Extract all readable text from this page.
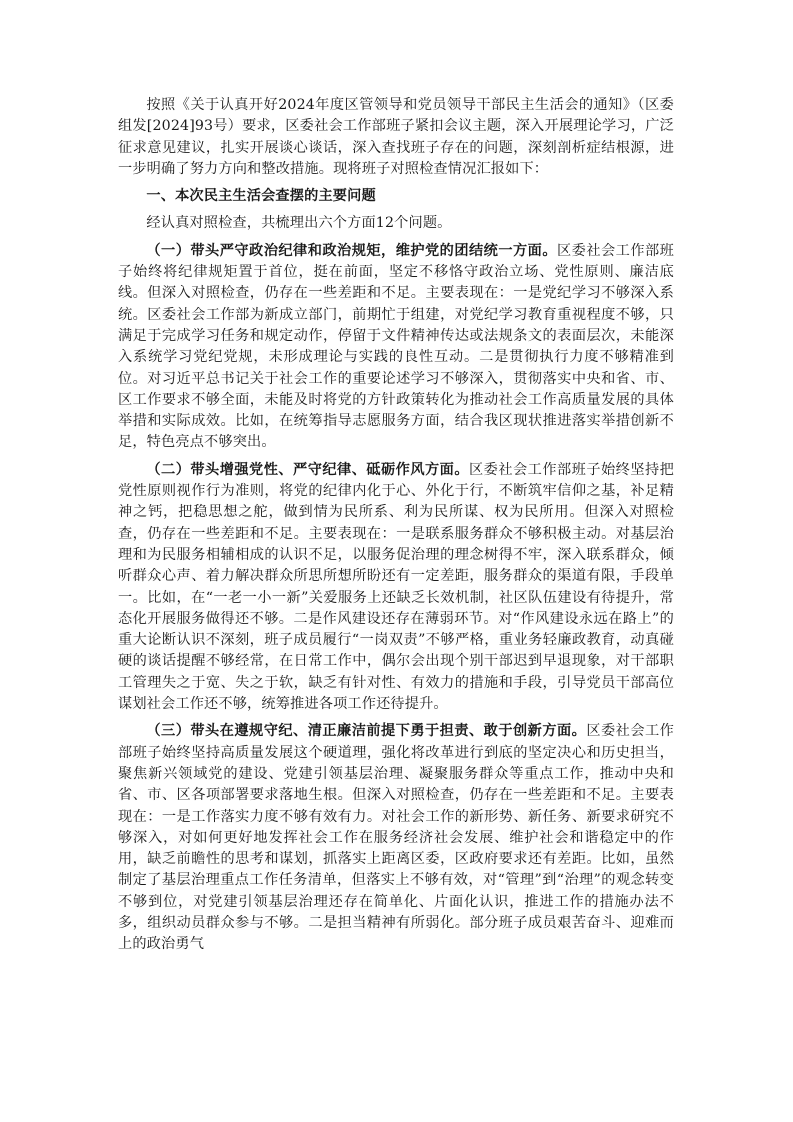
按照《关于认真开好2024年度区管领导和党员领导干部民主生活会的通知》（区委组发[2024]93号）要求，区委社会工作部班子紧扣会议主题，深入开展理论学习，广泛征求意见建议，扎实开展谈心谈话，深入查找班子存在的问题，深刻剖析症结根源，进一步明确了努力方向和整改措施。现将班子对照检查情况汇报如下：

一、本次民主生活会查摆的主要问题

经认真对照检查，共梳理出六个方面12个问题。

（一）带头严守政治纪律和政治规矩，维护党的团结统一方面。区委社会工作部班子始终将纪律规矩置于首位，挺在前面，坚定不移恪守政治立场、党性原则、廉洁底线。但深入对照检查，仍存在一些差距和不足。主要表现在：一是党纪学习不够深入系统。区委社会工作部为新成立部门，前期忙于组建，对党纪学习教育重视程度不够，只满足于完成学习任务和规定动作，停留于文件精神传达或法规条文的表面层次，未能深入系统学习党纪党规，未形成理论与实践的良性互动。二是贯彻执行力度不够精准到位。对习近平总书记关于社会工作的重要论述学习不够深入，贯彻落实中央和省、市、区工作要求不够全面，未能及时将党的方针政策转化为推动社会工作高质量发展的具体举措和实际成效。比如，在统筹指导志愿服务方面，结合我区现状推进落实举措创新不足，特色亮点不够突出。

（二）带头增强党性、严守纪律、砥砺作风方面。区委社会工作部班子始终坚持把党性原则视作行为准则，将党的纪律内化于心、外化于行，不断筑牢信仰之基，补足精神之钙，把稳思想之舵，做到情为民所系、利为民所谋、权为民所用。但深入对照检查，仍存在一些差距和不足。主要表现在：一是联系服务群众不够积极主动。对基层治理和为民服务相辅相成的认识不足，以服务促治理的理念树得不牢，深入联系群众，倾听群众心声、着力解决群众所思所想所盼还有一定差距，服务群众的渠道有限，手段单一。比如，在“一老一小一新”关爱服务上还缺乏长效机制，社区队伍建设有待提升，常态化开展服务做得还不够。二是作风建设还存在薄弱环节。对“作风建设永远在路上”的重大论断认识不深刻，班子成员履行“一岗双责”不够严格，重业务轻廉政教育，动真碰硬的谈话提醒不够经常，在日常工作中，偶尔会出现个别干部迟到早退现象，对干部职工管理失之于宽、失之于软，缺乏有针对性、有效力的措施和手段，引导党员干部高位谋划社会工作还不够，统筹推进各项工作还待提升。

（三）带头在遵规守纪、清正廉洁前提下勇于担责、敢于创新方面。区委社会工作部班子始终坚持高质量发展这个硬道理，强化将改革进行到底的坚定决心和历史担当，聚焦新兴领域党的建设、党建引领基层治理、凝聚服务群众等重点工作，推动中央和省、市、区各项部署要求落地生根。但深入对照检查，仍存在一些差距和不足。主要表现在：一是工作落实力度不够有效有力。对社会工作的新形势、新任务、新要求研究不够深入，对如何更好地发挥社会工作在服务经济社会发展、维护社会和谐稳定中的作用，缺乏前瞻性的思考和谋划，抓落实上距离区委，区政府要求还有差距。比如，虽然制定了基层治理重点工作任务清单，但落实上不够有效，对“管理”到“治理”的观念转变不够到位，对党建引领基层治理还存在简单化、片面化认识，推进工作的措施办法不多，组织动员群众参与不够。二是担当精神有所弱化。部分班子成员艰苦奋斗、迎难而上的政治勇气
